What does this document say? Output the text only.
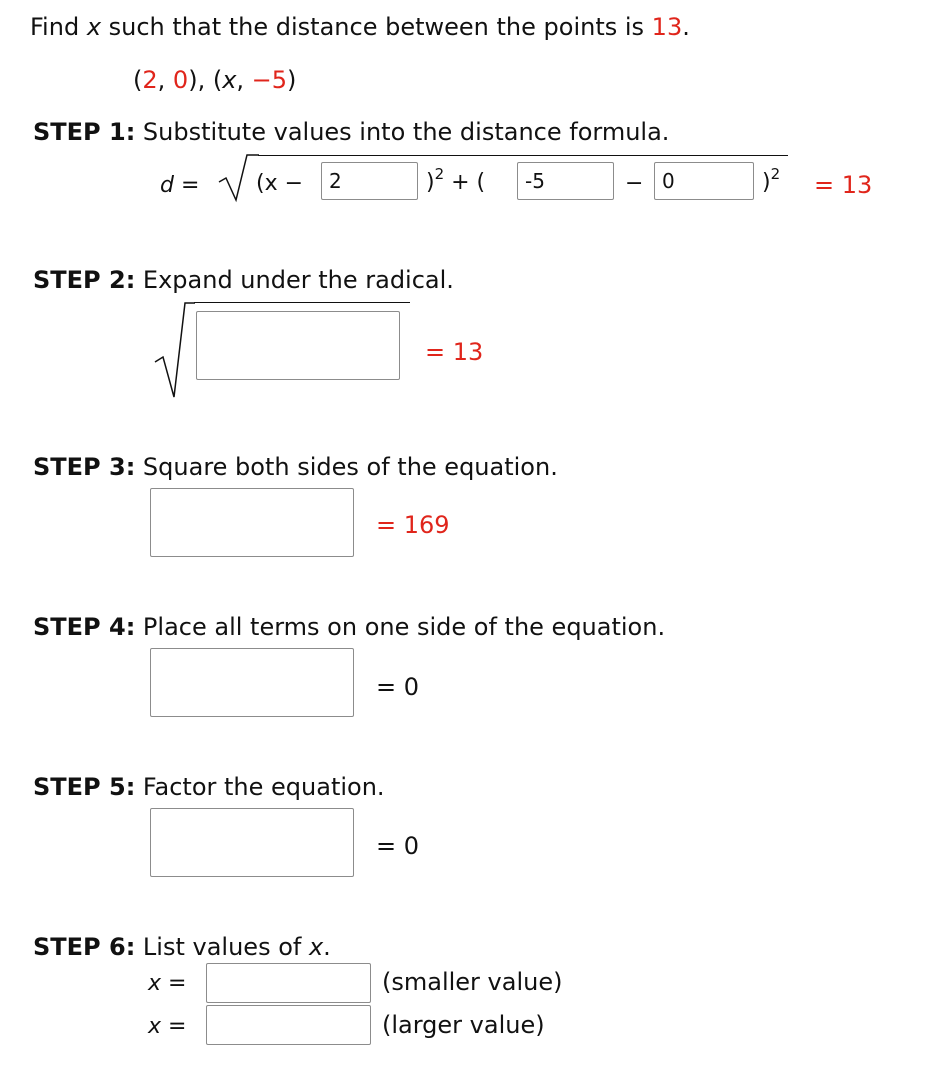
Find x such that the distance between the points is 13.
(2, 0), (x, −5)
STEP 1: Substitute values into the distance formula.
d =	(x −
2	)$^2$ + (
-5	−
0	)$^2$ = 13
STEP 2: Expand under the radical.
= 13
STEP 3: Square both sides of the equation.
= 169
STEP 4: Place all terms on one side of the equation.
= 0
STEP 5: Factor the equation.
= 0
STEP 6: List values of x.
x =	(smaller value)
x =	(larger value)
